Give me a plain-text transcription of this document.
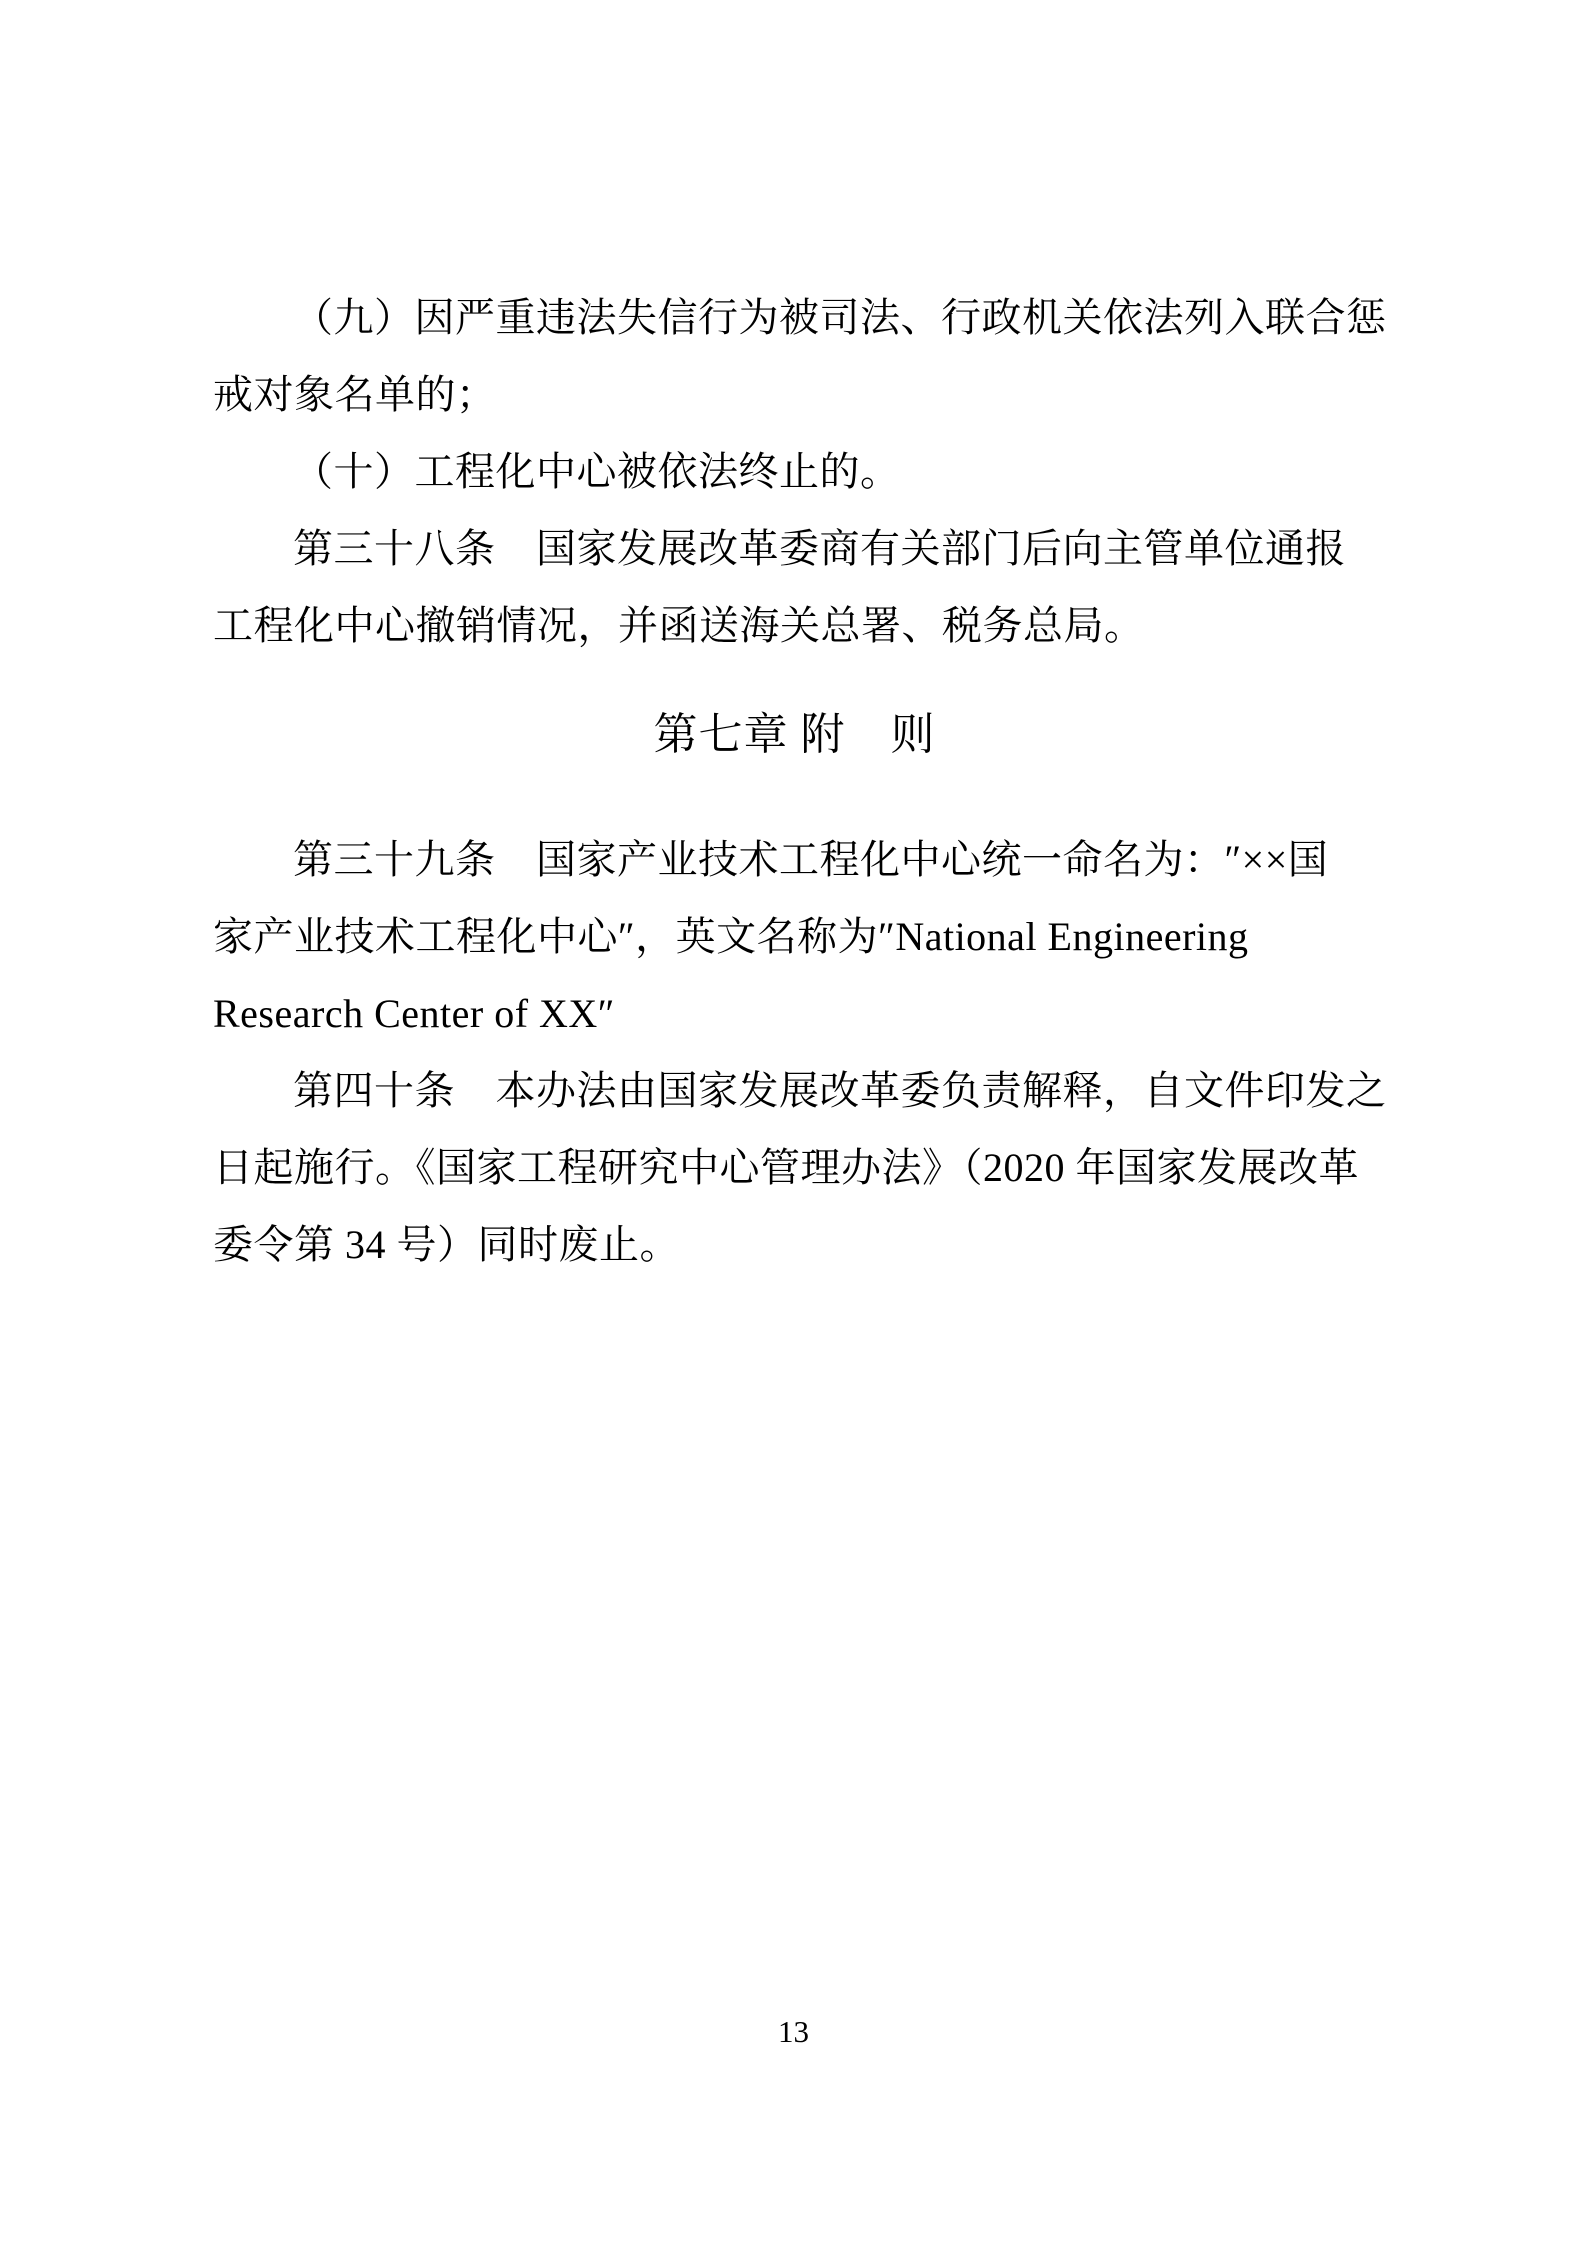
（九）因严重违法失信行为被司法、行政机关依法列入联合惩

戒对象名单的；

（十）工程化中心被依法终止的。

第三十八条　国家发展改革委商有关部门后向主管单位通报

工程化中心撤销情况，并函送海关总署、税务总局。

第七章 附　则

第三十九条　国家产业技术工程化中心统一命名为：″××国

家产业技术工程化中心″，英文名称为″National Engineering

Research Center of XX″

第四十条　本办法由国家发展改革委负责解释，自文件印发之

日起施行。《国家工程研究中心管理办法》（2020 年国家发展改革

委令第 34 号）同时废止。

13
